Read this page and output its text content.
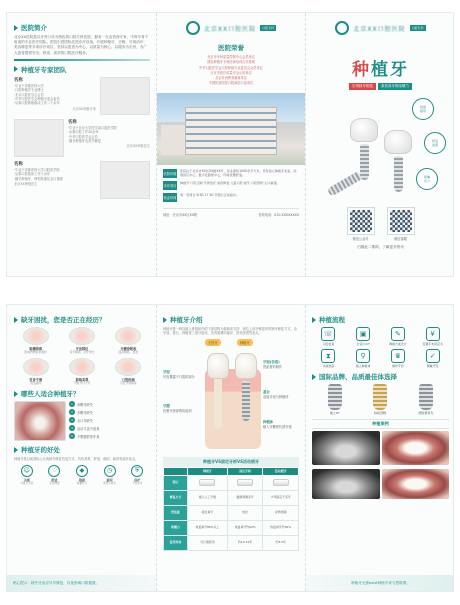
医院简介

北京XX医院是以牙科门诊为特色的口腔专科医院，拥有一支由资深专家、中青年骨干组成的专业医疗团队。医院引进国际先进诊疗设备，开展种植牙、正畸、牙周治疗、美容修复等多项诊疗项目，坚持以患者为中心，以质量为核心，以服务为宗旨，为广大患者提供安全、舒适、高效的口腔医疗服务。

种植牙专家团队
名称
·毕业于首都医科大学
·口腔种植学专业博士
·北京口腔医学会会员
·中华口腔医学会种植专委会委员
·从事口腔种植临床工作二十余年
北京XX种植专家
名称
·毕业于北京大学医学部口腔医学院
·从事口腔工作20余年
·中华口腔医学会会员
·擅长种植牙及美学修复
北京XX种植医生
名称
·毕业于首都医科大学口腔医学院
·从事口腔临床工作十余年
·擅长种植牙、即刻负重及全口重建
北京XX种植医生
北京XX口腔医院	口腔专科
医院荣誉
北京市牙科质量控制中心会员单位
国际种植牙专科医师培训合作基地
中华口腔医学会口腔种植专业委员会会员单位
北京市医疗质量安全示范单位
北京市消费者满意单位
中国民营医院口腔诚信示范单位
医院环境
医院位于北京市XX区XX路XX号，营业面积1000余平方米，设有独立种植手术室、消毒供应中心、数字化影像中心，环境优雅舒适。
诊疗项目
种植牙·口腔正畸·牙周治疗·美容修复·儿童口腔·拔牙·口腔预防·全口重建。
营业时间
周一至周日 8:30-17:30 节假日正常接诊。
地址：北京市XX区XX路	咨询电话：010-XXXXXXXX
北京XX口腔医院	口腔专科
种植牙
告别缺牙困扰	重获真牙般咀嚼力
稳固
耐用
舒适
美观
咀嚼
有力
微信公众号	微信客服
扫描此二维码，了解更多资讯
缺牙困扰，您是否正在经历？
咀嚼困难
影响食物消化吸收
牙齿移位
邻牙倾斜、对牙伸长
牙槽骨吸收
面部塌陷、显老
发音不清
说话漏风
影响美观
不敢开口大笑
口腔疾病
引发牙周病等
哪些人适合种植牙？
1	单颗牙缺失
2	多颗牙缺失
3	全口牙缺失
4	活动义齿不适者
5	不想磨损邻牙者
种植牙的好处

种植牙是目前国际公认的缺牙修复首选方式，具有美观、舒适、稳固、耐用等诸多优点。

☺
美观
与真牙无异
♡
舒适
无异物感
◆
稳固
咀嚼有力
◷
耐用
使用寿命长
⛨
保护
不伤邻牙
贴心提示：缺失牙齿应尽早修复，以免影响口腔健康。
种植牙介绍

种植牙是一种以植入骨组织内的下部结构为基础来支持、固位上部牙修复体的缺牙修复方式，由牙冠、基台、种植体三部分组成，具有咀嚼功能好、舒适美观等优点。

天然牙	种植牙
牙冠
牙齿暴露于口腔的部分
牙龈
包裹牙颈部的软组织
牙冠(仿真)
瓷质材料制作
基台
连接牙冠与种植体
种植体
植入牙槽骨代替牙根
种植牙VS固定牙桥VS活动假牙
	种植牙	固定牙桥	活动假牙
图示	

修复方式	植入人工牙根	磨损两侧邻牙	卡环固定于邻牙
舒适度	接近真牙	较好	异物感强
咀嚼力	恢复真牙80%以上	恢复真牙约60%	恢复真牙约30%
使用寿命	可长期使用	约10-15年	约3-5年
种植流程
☏
口腔检查
▣
全景片/CT
✎
种植方案设计
¥
签署手术同意书
⧗
术前准备
⚲
植入种植体
♛
制作牙冠
✓
佩戴牙冠
国际品牌、品质最佳体选择
瑞士ITI	韩国登腾	德国费蒂克
种植案例
种植牙无需exist种植专家与您联系。
